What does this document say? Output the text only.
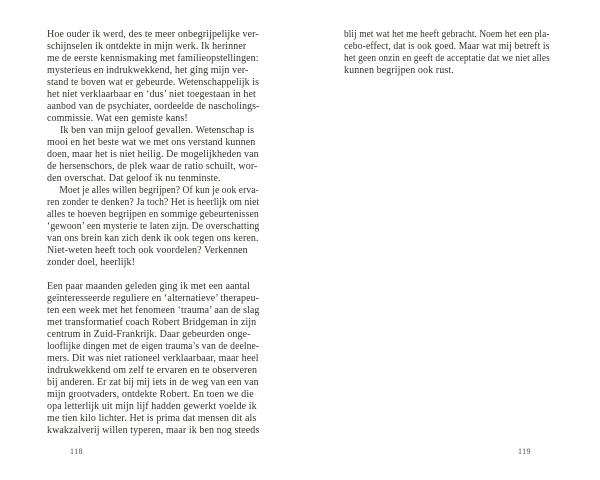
Hoe ouder ik werd, des te meer onbegrijpelijke ver-
schijnselen ik ontdekte in mijn werk. Ik herinner
me de eerste kennismaking met familieopstellingen:
mysterieus en indrukwekkend, het ging mijn ver-
stand te boven wat er gebeurde. Wetenschappelijk is
het niet verklaarbaar en ‘dus’ niet toegestaan in het
aanbod van de psychiater, oordeelde de nascholings-
commissie. Wat een gemiste kans!
Ik ben van mijn geloof gevallen. Wetenschap is
mooi en het beste wat we met ons verstand kunnen
doen, maar het is niet heilig. De mogelijkheden van
de hersenschors, de plek waar de ratio schuilt, wor-
den overschat. Dat geloof ik nu tenminste.
Moet je alles willen begrijpen? Of kun je ook erva-
ren zonder te denken? Ja toch? Het is heerlijk om niet
alles te hoeven begrijpen en sommige gebeurtenissen
‘gewoon’ een mysterie te laten zijn. De overschatting
van ons brein kan zich denk ik ook tegen ons keren.
Niet-weten heeft toch ook voordelen? Verkennen
zonder doel, heerlijk!
Een paar maanden geleden ging ik met een aantal
geïnteresseerde reguliere en ‘alternatieve’ therapeu-
ten een week met het fenomeen ‘trauma’ aan de slag
met transformatief coach Robert Bridgeman in zijn
centrum in Zuid-Frankrijk. Daar gebeurden onge-
looflijke dingen met de eigen trauma’s van de deelne-
mers. Dit was niet rationeel verklaarbaar, maar heel
indrukwekkend om zelf te ervaren en te observeren
bij anderen. Er zat bij mij iets in de weg van een van
mijn grootvaders, ontdekte Robert. En toen we die
opa letterlijk uit mijn lijf hadden gewerkt voelde ik
me tien kilo lichter. Het is prima dat mensen dit als
kwakzalverij willen typeren, maar ik ben nog steeds
blij met wat het me heeft gebracht. Noem het een pla-
cebo-effect, dat is ook goed. Maar wat mij betreft is
het geen onzin en geeft de acceptatie dat we niet alles
kunnen begrijpen ook rust.
118	119
